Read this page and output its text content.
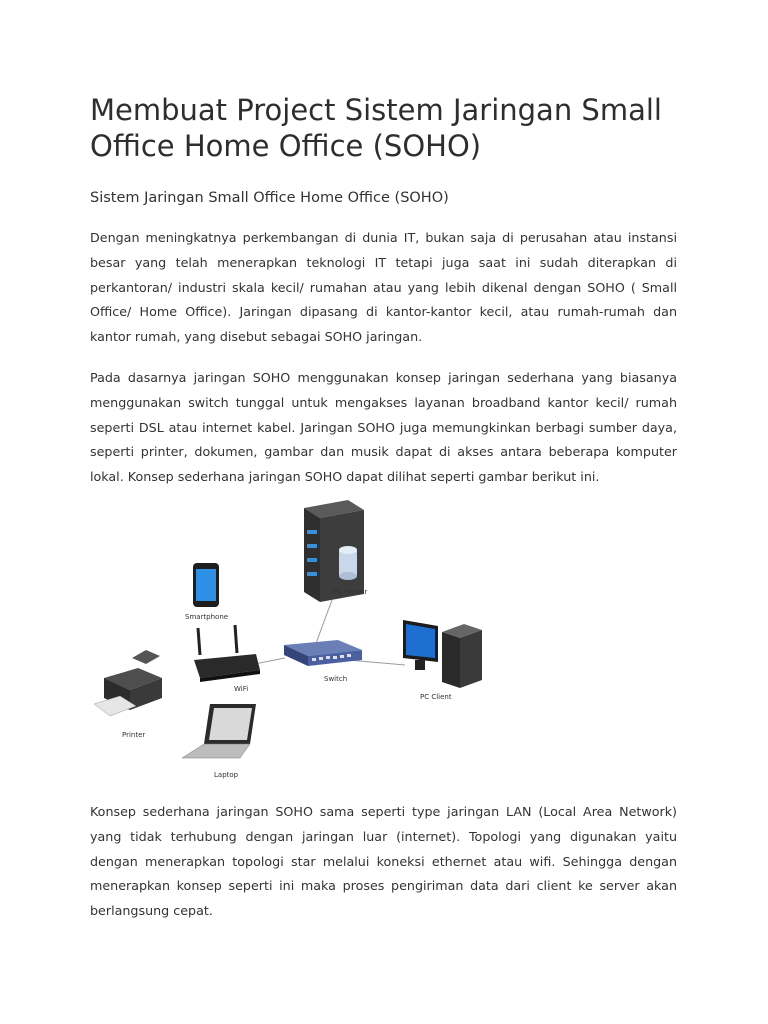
Membuat Project Sistem Jaringan Small Office Home Office (SOHO)
Sistem Jaringan Small Office Home Office (SOHO)

Dengan meningkatnya perkembangan di dunia IT, bukan saja di perusahan atau instansi besar yang telah menerapkan teknologi IT tetapi juga saat ini sudah diterapkan di perkantoran/ industri skala kecil/ rumahan atau yang lebih dikenal dengan SOHO ( Small Office/ Home Office). Jaringan dipasang di kantor-kantor kecil, atau rumah-rumah dan kantor rumah, yang disebut sebagai SOHO jaringan.

Pada dasarnya jaringan SOHO menggunakan konsep jaringan sederhana yang biasanya menggunakan switch tunggal untuk mengakses layanan broadband kantor kecil/ rumah seperti DSL atau internet kabel. Jaringan SOHO juga memungkinkan berbagi sumber daya, seperti printer, dokumen, gambar dan musik dapat di akses antara beberapa komputer lokal. Konsep sederhana jaringan SOHO dapat dilihat seperti gambar berikut ini.

PC Server
Smartphone
WiFi
Switch
PC Client
Printer
Laptop

Konsep sederhana jaringan SOHO sama seperti type jaringan LAN (Local Area Network) yang tidak terhubung dengan jaringan luar (internet). Topologi yang digunakan yaitu dengan menerapkan topologi star melalui koneksi ethernet atau wifi. Sehingga dengan menerapkan konsep seperti ini maka proses pengiriman data dari client ke server akan berlangsung cepat.
